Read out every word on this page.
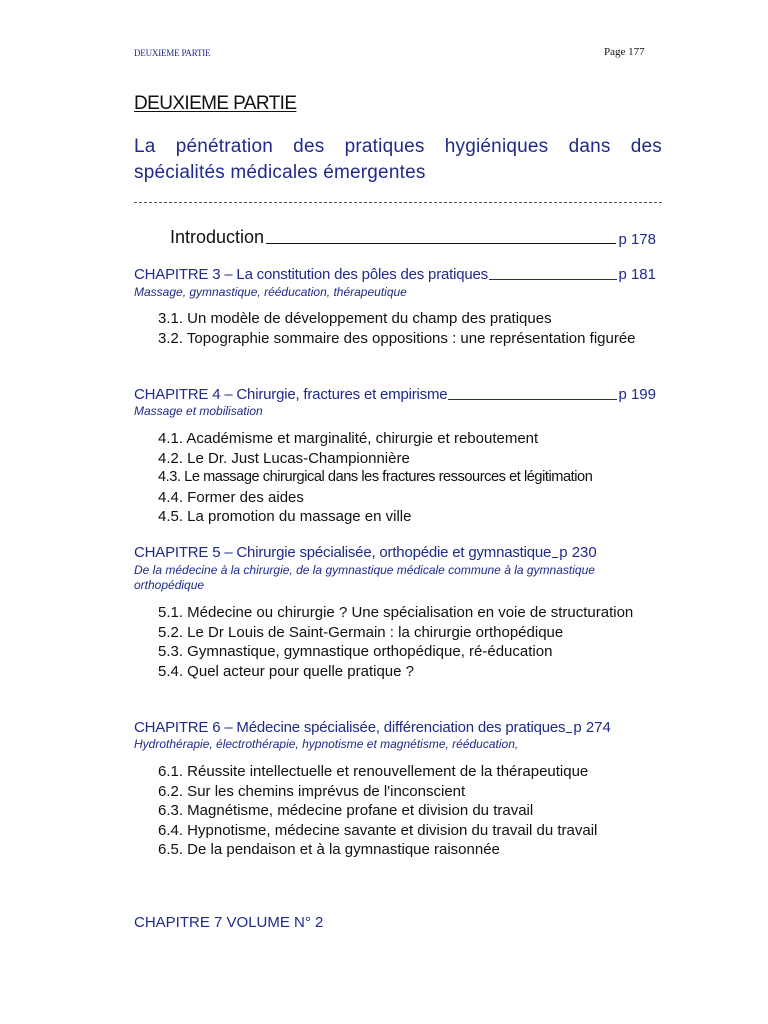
DEUXIEME PARTIE	Page 177
DEUXIEME PARTIE
La pénétration des pratiques hygiéniques dans des spécialités médicales émergentes
Introduction	p 178
CHAPITRE 3 – La constitution des pôles des pratiques	p 181
Massage, gymnastique, rééducation, thérapeutique
3.1. Un modèle de développement du champ des pratiques
3.2. Topographie sommaire des oppositions : une représentation figurée
CHAPITRE 4 – Chirurgie, fractures et empirisme	p 199
Massage et mobilisation
4.1. Académisme et marginalité, chirurgie et reboutement
4.2. Le Dr. Just Lucas-Championnière
4.3. Le massage chirurgical dans les fractures ressources et légitimation
4.4. Former des aides
4.5. La promotion du massage en ville
CHAPITRE 5 – Chirurgie spécialisée, orthopédie et gymnastique p 230
De la médecine à la chirurgie, de la gymnastique médicale commune à la gymnastique orthopédique
5.1. Médecine ou chirurgie ? Une spécialisation en voie de structuration
5.2. Le Dr Louis de Saint-Germain : la chirurgie orthopédique
5.3. Gymnastique, gymnastique orthopédique, ré-éducation
5.4. Quel acteur pour quelle pratique ?
CHAPITRE 6 – Médecine spécialisée, différenciation des pratiques p 274
Hydrothérapie, électrothérapie, hypnotisme et magnétisme, rééducation,
6.1. Réussite intellectuelle et renouvellement de la thérapeutique
6.2. Sur les chemins imprévus de l'inconscient
6.3. Magnétisme, médecine profane et division du travail
6.4. Hypnotisme, médecine savante et division du travail du travail
6.5. De la pendaison et à la gymnastique raisonnée
CHAPITRE 7 VOLUME N° 2
